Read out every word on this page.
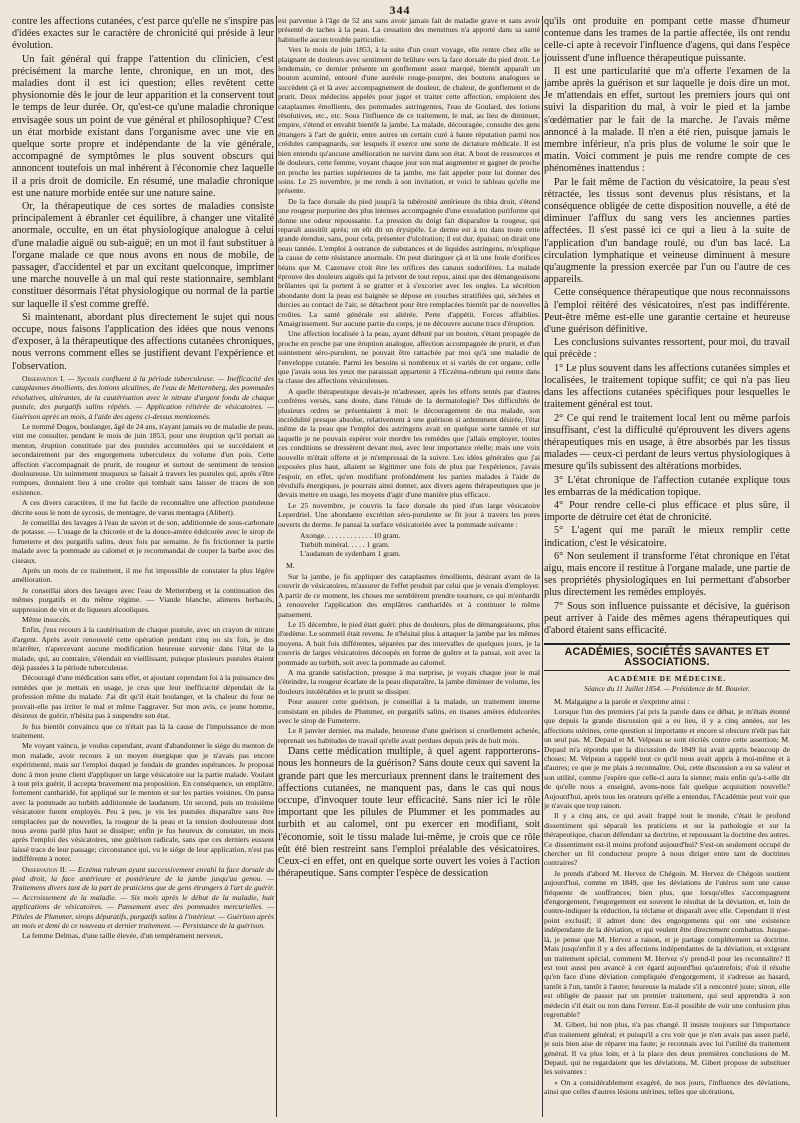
344

contre les affections cutanées, c'est parce qu'elle ne s'inspire pas d'idées exactes sur le caractère de chronicité qui préside à leur évolution.

Un fait général qui frappe l'attention du clinicien, c'est précisément la marche lente, chronique, en un mot, des maladies dont il est ici question; elles revêtent cette physionomie dès le jour de leur apparition et la conservent tout le temps de leur durée. Or, qu'est-ce qu'une maladie chronique envisagée sous un point de vue général et philosophique? C'est un état morbide existant dans l'organisme avec une vie en quelque sorte propre et indépendante de la vie générale, accompagné de symptômes le plus souvent obscurs qui annoncent toutefois un mal inhérent à l'économie chez laquelle il a pris droit de domicile. En résumé, une maladie chronique est une nature morbide entée sur une nature saine.

Or, la thérapeutique de ces sortes de maladies consiste principalement à ébranler cet équilibre, à changer une vitalité anormale, occulte, en un état physiologique analogue à celui d'une maladie aiguë ou sub-aiguë; en un mot il faut substituer à l'organe malade ce que nous avons en nous de mobile, de passager, d'accidentel et par un excitant quelconque, imprimer une marche nouvelle à un mal qui reste stationnaire, semblant constituer désormais l'état physiologique ou normal de la partie sur laquelle il s'est comme greffé.

Si maintenant, abordant plus directement le sujet qui nous occupe, nous faisons l'application des idées que nous venons d'exposer, à la thérapeutique des affections cutanées chroniques, nous verrons comment elles se justifient devant l'expérience et l'observation.

Observation I. — Sycosis confluent à la période tuberculeuse. — Inefficacité des cataplasmes émollients, des lotions alcalines, de l'eau de Metternberg, des pommades résolutives, altérantes, de la cautérisation avec le nitrate d'argent fondu de chaque pustule, des purgatifs salins répétés. — Application réitérée de vésicatoires. — Guérison après un mois, à l'aide des agens ci-dessus mentionnés.

Le nommé Dugos, boulanger, âgé de 24 ans, n'ayant jamais eu de maladie de peau, vint me consulter, pendant le mois de juin 1853, pour une éruption qu'il portait au menton, éruption constituée par des pustules accumulées qui se succédaient et secondairement par des engorgemens tuberculeux du volume d'un pois. Cette affection s'accompagnait de prurit, de rougeur et surtout de sentiment de tension douloureuse. Un suintement muqueux se faisait à travers les pustules qui, après s'être rompues, donnaient lieu à une croûte qui tombait sans laisser de traces de son existence.

A ces divers caractères, il me fut facile de reconnaître une affection pustuleuse décrite sous le nom de sycosis, de mentagre, de varus mentagra (Alibert).

Je conseillai des lavages à l'eau de savon et de son, additionnée de sous-carbonate de potasse. — L'usage de la chicorée et de la douce-amère édulcorée avec le sirop de fumeterre et des purgatifs salins, deux fois par semaine. Je fis frictionner la partie malade avec la pommade au calomel et je recommandai de couper la barbe avec des ciseaux.

Après un mois de ce traitement, il me fut impossible de constater la plus légère amélioration.

Je conseillai alors des lavages avec l'eau de Metternberg et la continuation des mêmes purgatifs et du même régime. — Viande blanche, alimens herbacés, suppression de vin et de liqueurs alcooliques.

Même insuccès.

Enfin, j'eus recours à la cautérisation de chaque pustule, avec un crayon de nitrate d'argent. Après avoir renouvelé cette opération pendant cinq ou six fois, je dus m'arrêter, n'apercevant aucune modification heureuse survenir dans l'état de la malade, qui, au contraire, s'étendait en vieillissant, puisque plusieurs pustules étaient déjà passées à la période tuberculeuse.

Découragé d'une médication sans effet, et ajoutant cependant foi à la puissance des remèdes que je mettais en usage, je crus que leur inefficacité dépendait de la profession même du malade. J'ai dit qu'il était boulanger, et la chaleur du four ne pouvait-elle pas irriter le mal et même l'aggraver. Sur mon avis, ce jeune homme, désireux de guérir, n'hésita pas à suspendre son état.

Je fus bientôt convaincu que ce n'était pas là la cause de l'impuissance de mon traitement.

Me voyant vaincu, je voulus cependant, avant d'abandonner le siége du menton de mon malade, avoir recours à un moyen énergique que je n'avais pas encore expérimenté, mais sur l'emploi duquel je fondais de grandes espérances. Je proposai donc à mon jeune client d'appliquer un large vésicatoire sur la partie malade. Voulant à tout prix guérir, il accepta bravement ma proposition. En conséquence, un emplâtre, fortement cantharidé, fut appliqué sur le menton et sur les parties voisines. On pansa avec la pommade au turbith additionnée de laudanum. Un second, puis un troisième vésicatoire furent employés. Peu à peu, je vis les pustules disparaître sans être remplacées par de nouvelles, la rougeur de la peau et la tension douloureuse dont nous avons parlé plus haut se dissiper; enfin je fus heureux de constater, un mois après l'emploi des vésicatoires, une guérison radicale, sans que ces derniers eussent laissé trace de leur passage; circonstance qui, vu le siége de leur application, n'est pas indifférente à noter.

Observation II. — Eczéma rubrum ayant successivement envahi la face dorsale du pied droit, la face antérieure et postérieure de la jambe jusqu'au genou. — Traitemens divers tant de la part de praticiens que de gens étrangers à l'art de guérir. — Accroissement de la maladie. — Six mois après le début de la maladie, huit applications de vésicatoires. — Pansement avec des pommades mercurielles. — Pilules de Plummer, sirops dépuratifs, purgatifs salins à l'intérieur. — Guérison après un mois et demi de ce nouveau et dernier traitement. — Persistance de la guérison.

La femme Delmas, d'une taille élevée, d'un tempérament nerveux,

est parvenue à l'âge de 52 ans sans avoir jamais fait de maladie grave et sans avoir présenté de taches à la peau. La cessation des menstrues n'a apporté dans sa santé habituelle aucun trouble particulier.

Vers le mois de juin 1853, à la suite d'un court voyage, elle rentre chez elle se plaignant de douleurs avec sentiment de brûlure vers la face dorsale du pied droit. Le lendemain, ce dernier présente un gonflement assez marqué, bientôt apparaît un bouton acuminé, entouré d'une auréole rouge-pourpre, des boutons analogues se succèdent çà et là avec accompagnement de douleur, de chaleur, de gonflement et de prurit. Deux médecins appelés pour juger et traiter cette affection, emploient des cataplasmes émollients, des pommades astringentes, l'eau de Goulard, des lotions résolutives, etc., etc. Sous l'influence de ce traitement, le mal, au lieu de diminuer, empire, s'étend et envahit bientôt la jambe. La malade, découragée, consulte des gens étrangers à l'art de guérir, entre autres un certain curé à haute réputation parmi nos crédules campagnards, sur lesquels il exerce une sorte de dictature médicale. Il est bien entendu qu'aucune amélioration ne survint dans son état. A bout de ressources et de douleurs, cette femme, voyant chaque jour son mal augmenter et gagner de proche en proche les parties supérieures de la jambe, me fait appeler pour lui donner des soins. Le 25 novembre, je me rends à son invitation, et voici le tableau qu'elle me présente.

De la face dorsale du pied jusqu'à la tubérosité antérieure du tibia droit, s'étend une rougeur purpurine des plus intenses accompagnée d'une exsudation puriforme qui donne une odeur repoussante. La pression du doigt fait disparaître la rougeur, qui reparaît aussitôt après; on eût dit un érysipèle. Le derme est à nu dans toute cette grande étendue, sans, pour cela, présenter d'ulcération; il est dur, épaissi; on dirait une peau tannée. L'emploi à outrance de substances et de liquides astringens, m'explique la cause de cette résistance anormale. On peut distinguer çà et là une foule d'orifices béans que M. Cazenave croit être les orifices des canaux sudorifères. La malade éprouve des douleurs aiguës qui la privent de tout repos, ainsi que des démangeaisons brûlantes qui la portent à se gratter et à s'excorier avec les ongles. La sécrétion abondante dont la peau est baignée se dépose en couches stratifiées qui, séchées et durcies au contact de l'air, se détachent pour être remplacées bientôt par de nouvelles croûtes. La santé générale est altérée. Perte d'appétit. Forces affaiblies. Amaigrissement. Sur aucune partie du corps, je ne découvre aucune trace d'éruption.

Une affection localisée à la peau, ayant débuté par un bouton, s'étant propagée de proche en proche par une éruption analogue, affection accompagnée de prurit, et d'un suintement séro-purulent, ne pouvait être rattachée par moi qu'à une maladie de l'enveloppe cutanée. Parmi les besoins si nombreux et si variés de cet organe, celle que j'avais sous les yeux me paraissait appartenir à l'Eczéma-rubrum qui rentre dans la classe des affections vésiculeuses.

A quelle thérapeutique devais-je m'adresser, après les efforts tentés par d'autres confrères versés, sans doute, dans l'étude de la dermatologie? Des difficultés de plusieurs ordres se présentaient à moi: le découragement de ma malade, son incrédulité presque absolue, relativement à une guérison si ardemment désirée, l'état même de la peau que l'emploi des astringens avait en quelque sorte tannée et sur laquelle je ne pouvais espérer voir mordre les remèdes que j'allais employer, toutes ces conditions se dressèrent devant moi, avec leur importance réelle; mais une voix nouvelle m'était offerte et je m'empressai de la suivre. Les idées générales que j'ai exposées plus haut, allaient se légitimer une fois de plus par l'expérience, j'avais l'espoir, en effet, qu'en modifiant profondément les parties malades à l'aide de révulsifs énergiques, je pourrais ainsi donner, aux divers agens thérapeutiques que je devais mettre en usage, les moyens d'agir d'une manière plus efficace.

Le 25 novembre, je couvris la face dorsale du pied d'un large vésicatoire Leperdriel. Une abondante excrétion séro-purulente se fit jour à travers les pores ouverts du derme. Je pansai la surface vésicatoriée avec la pommade suivante :

Axonge. . . . . . . . . . . . . 10 gram.
Turbith minéral. . . . . 1 gram.
L'audanum de sydenham 1 gram.
M.

Sur la jambe, je fis appliquer des cataplasmes émollients, désirant avant de la couvrir de vésicatoires, m'assurer de l'effet produit par celui que je venais d'employer. A partir de ce moment, les choses me semblèrent prendre tournure, ce qui m'enhardit à renouveler l'application des emplâtres cantharidés et à continuer le même pansement.

Le 15 décembre, le pied était guéri: plus de douleurs, plus de démangeaisons, plus d'œdème. Le sommeil était revenu. Je n'hésitai plus à attaquer la jambe par les mêmes moyens. A huit fois différentes, séparées par des intervalles de quelques jours, je la couvris de larges vésicatoires découpés en forme de guêtre et la pansai, soit avec la pommade au turbith, soit avec la pommade au calomel.

A ma grande satisfaction, presque à ma surprise, je voyais chaque jour le mal s'éteindre, la rougeur écarlate de la peau disparaître, la jambe diminuer de volume, les douleurs intolérables et le prurit se dissiper.

Pour assurer cette guérison, je conseillai à la malade, un traitement interne consistant en pilules de Plummer, en purgatifs salins, en tisanes amères édulcorées avec le sirop de Fumeterre.

Le 8 janvier dernier, ma malade, heureuse d'une guérison si cruellement achetée, reprenait ses habitudes de travail qu'elle avait perdues depuis près de huit mois.

Dans cette médication multiple, à quel agent rapporterons-nous les honneurs de la guérison? Sans doute ceux qui savent la grande part que les mercuriaux prennent dans le traitement des affections cutanées, ne manquent pas, dans le cas qui nous occupe, d'invoquer toute leur efficacité. Sans nier ici le rôle important que les pilules de Plummer et les pommades au turbith et au calomel, ont pu exercer en modifiant, soit l'économie, soit le tissu malade lui-même, je crois que ce rôle eût été bien restreint sans l'emploi préalable des vésicatoires. Ceux-ci en effet, ont en quelque sorte ouvert les voies à l'action thérapeutique. Sans compter l'espèce de dessication

qu'ils ont produite en pompant cette masse d'humeur contenue dans les trames de la partie affectée, ils ont rendu celle-ci apte à recevoir l'influence d'agens, qui dans l'espèce jouissent d'une influence thérapeutique puissante.

Il est une particularité que m'a offerte l'examen de la jambe après la guérison et sur laquelle je dois dire un mot. Je m'attendais en effet, surtout les premiers jours qui ont suivi la disparition du mal, à voir le pied et la jambe s'œdématier par le fait de la marche. Je l'avais même annoncé à la malade. Il n'en a été rien, puisque jamais le membre inférieur, n'a pris plus de volume le soir que le matin. Voici comment je puis me rendre compte de ces phénomènes inattendus :

Par le fait même de l'action du vésicatoire, la peau s'est rétractée, les tissus sont devenus plus résistans, et la conséquence obligée de cette disposition nouvelle, a été de diminuer l'afflux du sang vers les anciennes parties affectées. Il s'est passé ici ce qui a lieu à la suite de l'application d'un bandage roulé, ou d'un bas lacé. La circulation lymphatique et veineuse diminuent à mesure qu'augmente la pression exercée par l'un ou l'autre de ces appareils.

Cette conséquence thérapeutique que nous reconnaissons à l'emploi réitéré des vésicatoires, n'est pas indifférente. Peut-être même est-elle une garantie certaine et heureuse d'une guérison définitive.

Les conclusions suivantes ressortent, pour moi, du travail qui précède :

1° Le plus souvent dans les affections cutanées simples et localisées, le traitement topique suffit; ce qui n'a pas lieu dans les affections cutanées spécifiques pour lesquelles le traitement général est tout.

2° Ce qui rend le traitement local lent ou même parfois insuffisant, c'est la difficulté qu'éprouvent les divers agens thérapeutiques mis en usage, à être absorbés par les tissus malades — ceux-ci perdant de leurs vertus physiologiques à mesure qu'ils subissent des altérations morbides.

3° L'état chronique de l'affection cutanée explique tous les embarras de la médication topique.

4° Pour rendre celle-ci plus efficace et plus sûre, il importe de détruire cet état de chronicité.

5° L'agent qui me paraît le mieux remplir cette indication, c'est le vésicatoire.

6° Non seulement il transforme l'état chronique en l'état aigu, mais encore il restitue à l'organe malade, une partie de ses propriétés physiologiques en lui permettant d'absorber plus directement les remèdes employés.

7° Sous son influence puissante et décisive, la guérison peut arriver à l'aide des mêmes agens thérapeutiques qui d'abord étaient sans efficacité.

ACADÉMIES, SOCIÉTÉS SAVANTES ET ASSOCIATIONS.
ACADÉMIE DE MÉDECINE.
Séance du 11 Juillet 1854. — Présidence de M. Bouvier.

M. Malgaigne a la parole et s'exprime ainsi :

Lorsque l'un des premiers j'ai pris la parole dans ce débat, je m'étais étonné que depuis la grande discussion qui a eu lieu, il y a cinq années, sur les affections utérines, cette question si importante et encore si obscure n'eût pas fait un seul pas. M. Depaul et M. Velpeau se sont récriés contre cette assertion; M. Depaul m'a répondu que la discussion de 1849 lui avait appris beaucoup de choses; M. Velpeau a rappelé tout ce qu'il nous avait appris à moi-même et à d'autres; ce que je me plais à reconnaître. Oui, cette discussion a eu sa valeur et son utilité, comme j'espère que celle-ci aura la sienne; mais enfin qu'a-t-elle dit de qu'elle nous a enseigné, avons-nous fait quelque acquisition nouvelle? Aujourd'hui, après tous les orateurs qu'elle a entendus, l'Académie peut voir que je n'avais que trop raison.

Il y a cinq ans, ce qui avait frappé tout le monde, c'était le profond dissentiment qui séparait les praticiens et sur la pathologie et sur la thérapeutique, chacun défendant sa doctrine, et repoussant la doctrine des autres. Ce dissentiment est-il moins profond aujourd'hui? S'est-on seulement occupé de chercher un fil conducteur propre à nous diriger entre tant de doctrines contraires?

Je prends d'abord M. Hervez de Chégoin. M. Hervez de Chégoin soutient aujourd'hui, comme en 1849, que les déviations de l'utérus sont une cause fréquente de souffrances; bien plus, que lorsqu'elles s'accompagnent d'engorgement, l'engorgement est souvent le résultat de la déviation, et, loin de contre-indiquer la réduction, la réclame et disparaît avec elle. Cependant il n'est point exclusif; il admet donc des engorgements qui ont une existence indépendante de la déviation, et qui veulent être directement combattus. Jusque-là, je pense que M. Hervez a raison, et je partage complètement sa doctrine. Mais jusqu'enfin il y a des affections indépendantes de la déviation, et exigeant un traitement spécial, comment M. Hervez s'y prend-il pour les reconnaître? Il est tout aussi peu avancé à cet égard aujourd'hui qu'autrefois; d'où il résulte qu'en face d'une déviation compliquée d'engorgement, il s'adresse au hasard, tantôt à l'un, tantôt à l'autre; heureuse la malade s'il a rencontré juste; sinon, elle est obligée de passer par un premier traitement, qui seul apprendra à son médecin s'il était ou non dans l'erreur. Est-il possible de voir une confusion plus regrettable?

M. Gibert, lui non plus, n'a pas changé. Il insiste toujours sur l'importance d'un traitement général; et puisqu'il a cru voir que je n'en avais pas assez parlé, je suis bien aise de réparer ma faute; je reconnais avec lui l'utilité du traitement général. Il va plus loin; et à la place des deux premières conclusions de M. Depaul, qui ne regardaient que les déviations, M. Gibert propose de substituer les suivantes :

« On a considérablement exagéré, de nos jours, l'influence des déviations, ainsi que celles d'autres lésions utérines, telles que ulcérations,
